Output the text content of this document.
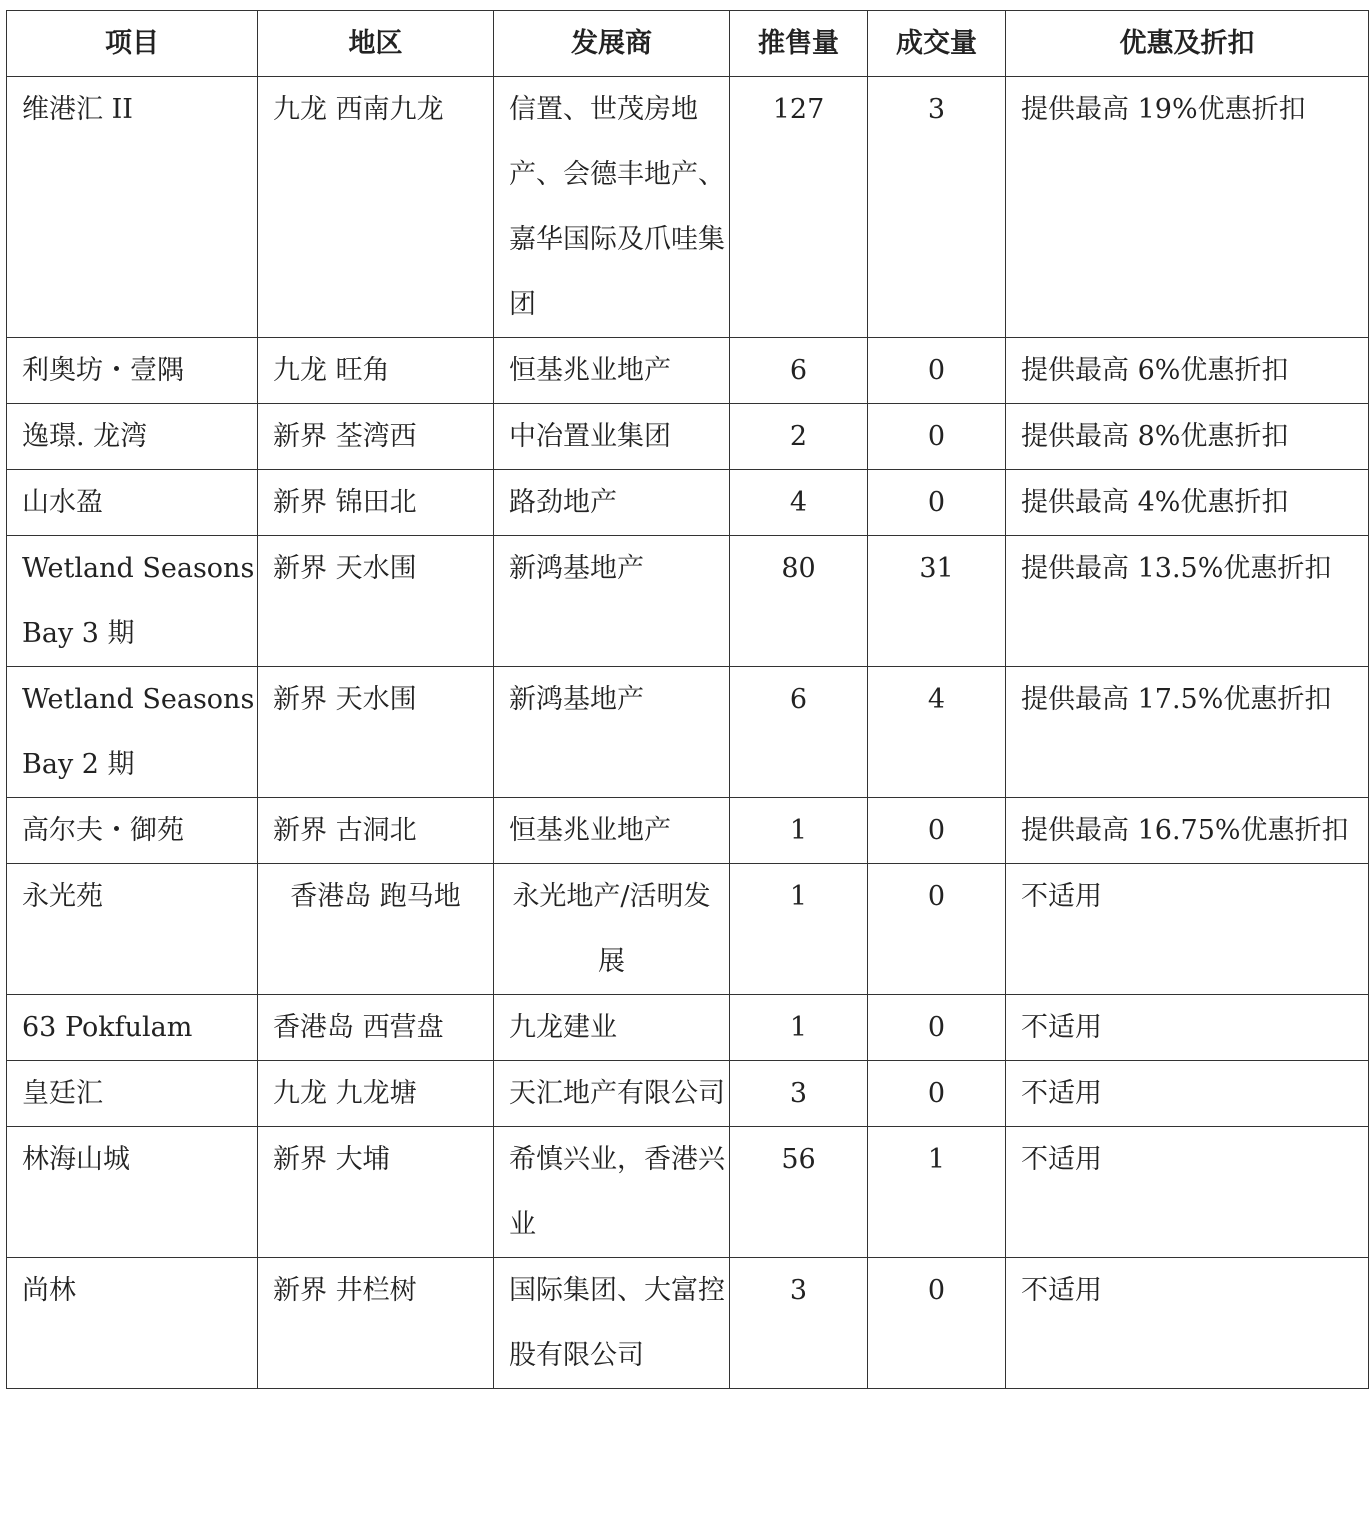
项目	地区	发展商	推售量	成交量	优惠及折扣
维港汇 II	九龙 西南九龙	信置、世茂房地产、会德丰地产、嘉华国际及爪哇集团	127	3	提供最高 19%优惠折扣
利奥坊・壹隅	九龙 旺角	恒基兆业地产	6	0	提供最高 6%优惠折扣
逸璟. 龙湾	新界 荃湾西	中冶置业集团	2	0	提供最高 8%优惠折扣
山水盈	新界 锦田北	路劲地产	4	0	提供最高 4%优惠折扣
Wetland Seasons Bay 3 期	新界 天水围	新鸿基地产	80	31	提供最高 13.5%优惠折扣
Wetland Seasons Bay 2 期	新界 天水围	新鸿基地产	6	4	提供最高 17.5%优惠折扣
高尔夫・御苑	新界 古洞北	恒基兆业地产	1	0	提供最高 16.75%优惠折扣
永光苑	香港岛 跑马地	永光地产/活明发展	1	0	不适用
63 Pokfulam	香港岛 西营盘	九龙建业	1	0	不适用
皇廷汇	九龙 九龙塘	天汇地产有限公司	3	0	不适用
林海山城	新界 大埔	希慎兴业，香港兴业	56	1	不适用
尚林	新界 井栏树	国际集团、大富控股有限公司	3	0	不适用
